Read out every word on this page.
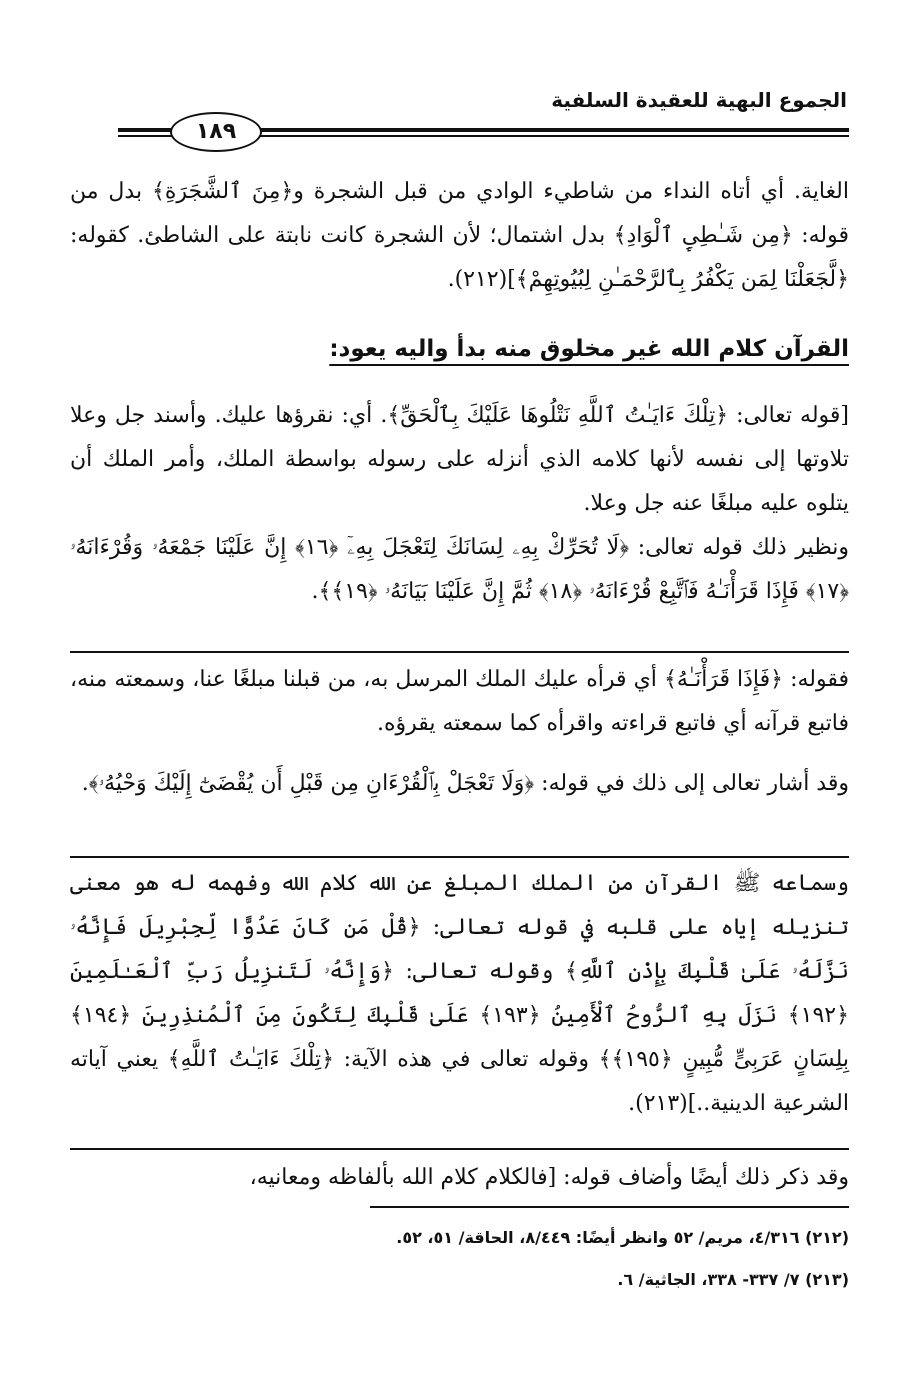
الجموع البهية للعقيدة السلفية
١٨٩
الغاية. أي أتاه النداء من شاطيء الوادي من قبل الشجرة و﴿مِنَ ٱلشَّجَرَةِ﴾ بدل من قوله: ﴿مِن شَـٰطِىِٕ ٱلْوَادِ﴾ بدل اشتمال؛ لأن الشجرة كانت نابتة على الشاطئ. كقوله: ﴿لَّجَعَلْنَا لِمَن يَكْفُرُ بِٱلرَّحْمَـٰنِ لِبُيُوتِهِمْ﴾](٢١٢).
القرآن كلام الله غير مخلوق منه بدأ واليه يعود:
[قوله تعالى: ﴿تِلْكَ ءَايَـٰتُ ٱللَّهِ نَتْلُوهَا عَلَيْكَ بِٱلْحَقِّ﴾. أي: نقرؤها عليك. وأسند جل وعلا تلاوتها إلى نفسه لأنها كلامه الذي أنزله على رسوله بواسطة الملك، وأمر الملك أن يتلوه عليه مبلغًا عنه جل وعلا.
ونظير ذلك قوله تعالى: ﴿لَا تُحَرِّكْ بِهِۦ لِسَانَكَ لِتَعْجَلَ بِهِۦٓ ﴿١٦﴾ إِنَّ عَلَيْنَا جَمْعَهُۥ وَقُرْءَانَهُۥ ﴿١٧﴾ فَإِذَا قَرَأْنَـٰهُ فَٱتَّبِعْ قُرْءَانَهُۥ ﴿١٨﴾ ثُمَّ إِنَّ عَلَيْنَا بَيَانَهُۥ ﴿١٩﴾﴾.
فقوله: ﴿فَإِذَا قَرَأْنَـٰهُ﴾ أي قرأه عليك الملك المرسل به، من قبلنا مبلغًا عنا، وسمعته منه، فاتبع قرآنه أي فاتبع قراءته واقرأه كما سمعته يقرؤه.
وقد أشار تعالى إلى ذلك في قوله: ﴿وَلَا تَعْجَلْ بِٱلْقُرْءَانِ مِن قَبْلِ أَن يُقْضَىٰٓ إِلَيْكَ وَحْيُهُۥ﴾.
وسماعه ﷺ القرآن من الملك المبلغ عن الله كلام الله وفهمه له هو معنى تنزيله إياه على قلبه في قوله تعالى: ﴿قُلْ مَن كَانَ عَدُوًّا لِّجِبْرِيلَ فَإِنَّهُۥ نَزَّلَهُۥ عَلَىٰ قَلْبِكَ بِإِذْنِ ٱللَّهِ﴾ وقوله تعالى: ﴿وَإِنَّهُۥ لَتَنزِيلُ رَبِّ ٱلْعَـٰلَمِينَ ﴿١٩٢﴾ نَزَلَ بِهِ ٱلرُّوحُ ٱلْأَمِينُ ﴿١٩٣﴾ عَلَىٰ قَلْبِكَ لِتَكُونَ مِنَ ٱلْمُنذِرِينَ ﴿١٩٤﴾ بِلِسَانٍ عَرَبِىٍّ مُّبِينٍ ﴿١٩٥﴾﴾ وقوله تعالى في هذه الآية: ﴿تِلْكَ ءَايَـٰتُ ٱللَّهِ﴾ يعني آياته الشرعية الدينية..](٢١٣).
وقد ذكر ذلك أيضًا وأضاف قوله: [فالكلام كلام الله بألفاظه ومعانيه،
(٢١٢) ٤/٣١٦، مريم/ ٥٢ وانظر أيضًا: ٨/٤٤٩، الحاقة/ ٥١، ٥٢.
(٢١٣) ٧/ ٣٣٧- ٣٣٨، الجاثية/ ٦.
